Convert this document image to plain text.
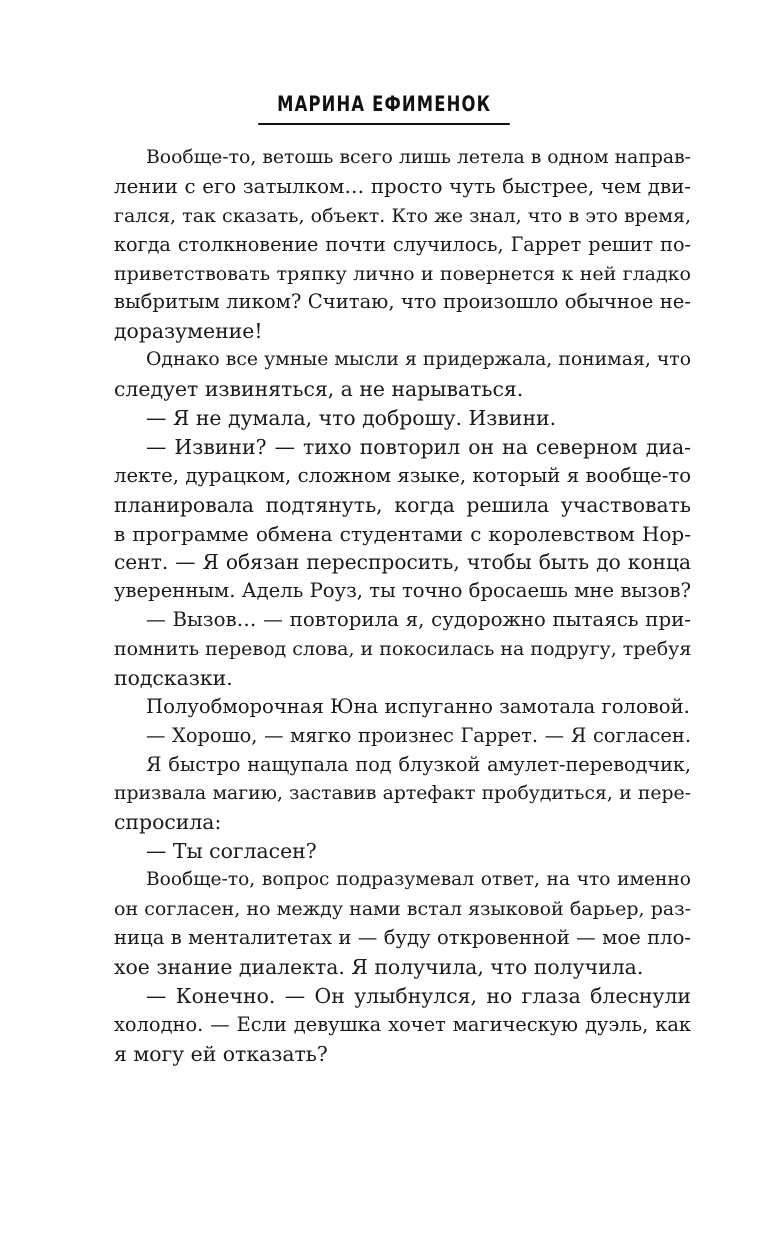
МАРИНА ЕФИМЕНОК
Вообще-то, ветошь всего лишь летела в одном направ-
лении с его затылком… просто чуть быстрее, чем дви-
гался, так сказать, объект. Кто же знал, что в это время,
когда столкновение почти случилось, Гаррет решит по-
приветствовать тряпку лично и повернется к ней гладко
выбритым ликом? Считаю, что произошло обычное не-
доразумение!
Однако все умные мысли я придержала, понимая, что
следует извиняться, а не нарываться.
— Я не думала, что доброшу. Извини.
— Извини? — тихо повторил он на северном диа-
лекте, дурацком, сложном языке, который я вообще-то
планировала подтянуть, когда решила участвовать
в программе обмена студентами с королевством Нор-
сент. — Я обязан переспросить, чтобы быть до конца
уверенным. Адель Роуз, ты точно бросаешь мне вызов?
— Вызов… — повторила я, судорожно пытаясь при-
помнить перевод слова, и покосилась на подругу, требуя
подсказки.
Полуобморочная Юна испуганно замотала головой.
— Хорошо, — мягко произнес Гаррет. — Я согласен.
Я быстро нащупала под блузкой амулет-переводчик,
призвала магию, заставив артефакт пробудиться, и пере-
спросила:
— Ты согласен?
Вообще-то, вопрос подразумевал ответ, на что именно
он согласен, но между нами встал языковой барьер, раз-
ница в менталитетах и — буду откровенной — мое пло-
хое знание диалекта. Я получила, что получила.
— Конечно. — Он улыбнулся, но глаза блеснули
холодно. — Если девушка хочет магическую дуэль, как
я могу ей отказать?
